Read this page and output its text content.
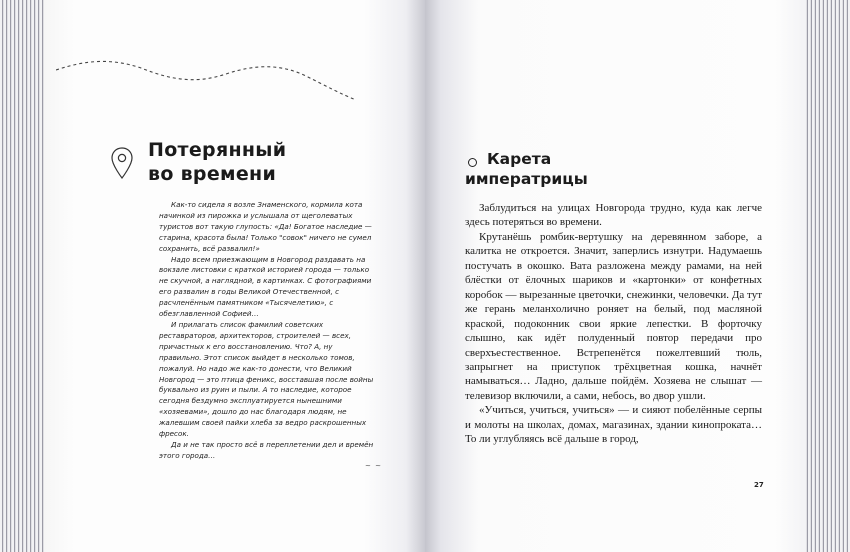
Потерянный
во времени

Как-то сидела я возле Знаменского, кормила кота начинкой из пирожка и услышала от щеголеватых туристов вот такую глупость: «Да! Богатое наследие — старина, красота была! Только "совок" ничего не сумел сохранить, всё развалил!»

Надо всем приезжающим в Новгород раздавать на вокзале листовки с краткой историей города — только не скучной, а наглядной, в картинках. С фотографиями его развалин в годы Великой Отечественной, с расчленённым памятником «Тысячелетию», с обезглавленной Софией…

И прилагать список фамилий советских реставраторов, архитекторов, строителей — всех, причастных к его восстановлению. Что? А, ну правильно. Этот список выйдет в несколько томов, пожалуй. Но надо же как-то донести, что Великий Новгород — это птица феникс, восставшая после войны буквально из руин и пыли. А то наследие, которое сегодня бездумно эксплуатируется нынешними «хозяевами», дошло до нас благодаря людям, не жалевшим своей пайки хлеба за ведро раскрошенных фресок.

Да и не так просто всё в переплетении дел и времён этого города…

~ ~
Карета
императрицы

Заблудиться на улицах Новгорода трудно, куда как легче здесь потеряться во времени.

Крутанёшь ромбик-вертушку на деревянном заборе, а калитка не откроется. Значит, заперлись изнутри. Надумаешь постучать в окошко. Вата разложена между рамами, на ней блёстки от ёлочных шариков и «картонки» от конфетных коробок — вырезанные цветочки, снежинки, человечки. Да тут же герань меланхолично роняет на белый, под масляной краской, подоконник свои яркие лепестки. В форточку слышно, как идёт полуденный повтор передачи про сверхъестественное. Встрепенётся пожелтевший тюль, запрыгнет на приступок трёхцветная кошка, начнёт намываться… Ладно, дальше пойдём. Хозяева не слышат — телевизор включили, а сами, небось, во двор ушли.

«Учиться, учиться, учиться» — и сияют побелённые серпы и молоты на школах, домах, магазинах, здании кинопроката… То ли углубляясь всё дальше в город,

27
